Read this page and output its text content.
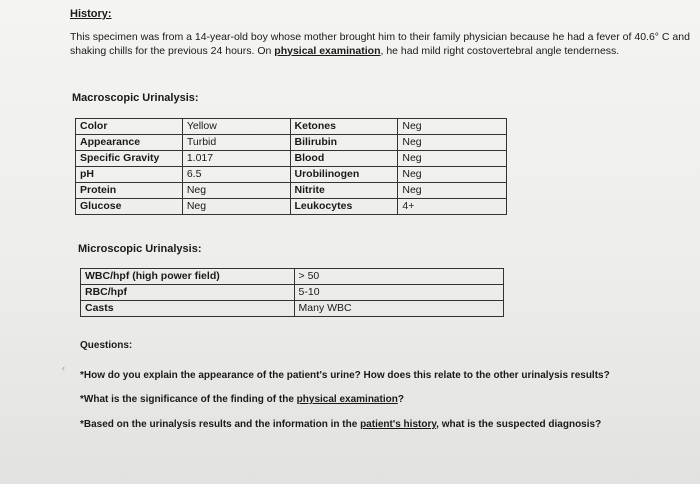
History:
This specimen was from a 14-year-old boy whose mother brought him to their family physician because he had a fever of 40.6° C and shaking chills for the previous 24 hours. On physical examination, he had mild right costovertebral angle tenderness.
Macroscopic Urinalysis:
Color	Yellow	Ketones	Neg
Appearance	Turbid	Bilirubin	Neg
Specific Gravity	1.017	Blood	Neg
pH	6.5	Urobilinogen	Neg
Protein	Neg	Nitrite	Neg
Glucose	Neg	Leukocytes	4+
Microscopic Urinalysis:
WBC/hpf (high power field)	> 50
RBC/hpf	5-10
Casts	Many WBC
Questions:
*How do you explain the appearance of the patient's urine? How does this relate to the other urinalysis results?
*What is the significance of the finding of the physical examination?
*Based on the urinalysis results and the information in the patient's history, what is the suspected diagnosis?
‹
